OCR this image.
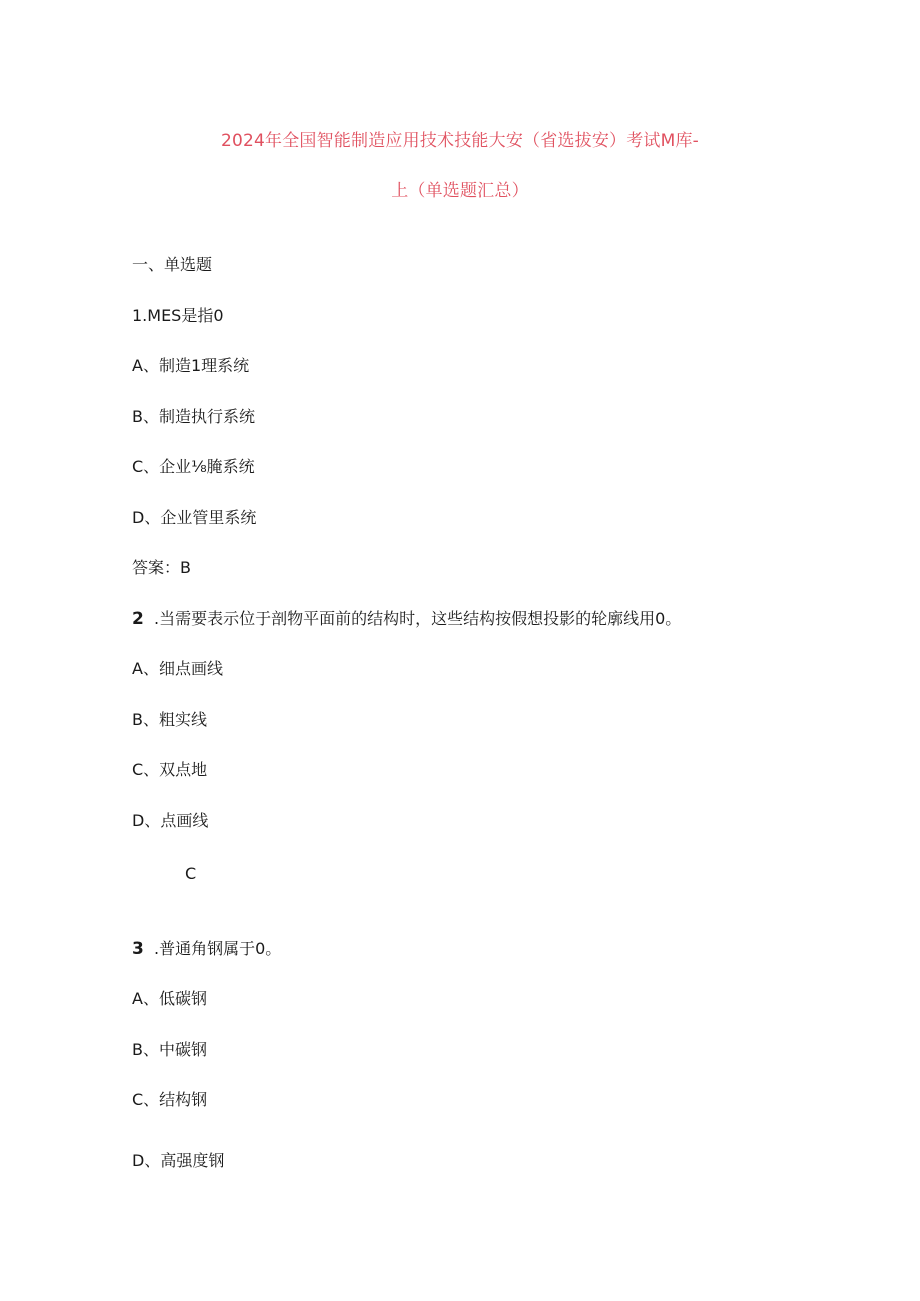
2024年全国智能制造应用技术技能大安（省选拔安）考试M库-
上（单选题汇总）
一、单选题
1.MES是指0
A、制造1理系统
B、制造执行系统
C、企业⅛腌系统
D、企业管里系统
答案：B
2 .当需要表示位于剖物平面前的结构时，这些结构按假想投影的轮廓线用0。
A、细点画线
B、粗实线
C、双点地
D、点画线
C
3 .普通角钢属于0。
A、低碳钢
B、中碳钢
C、结构钢
D、高强度钢
